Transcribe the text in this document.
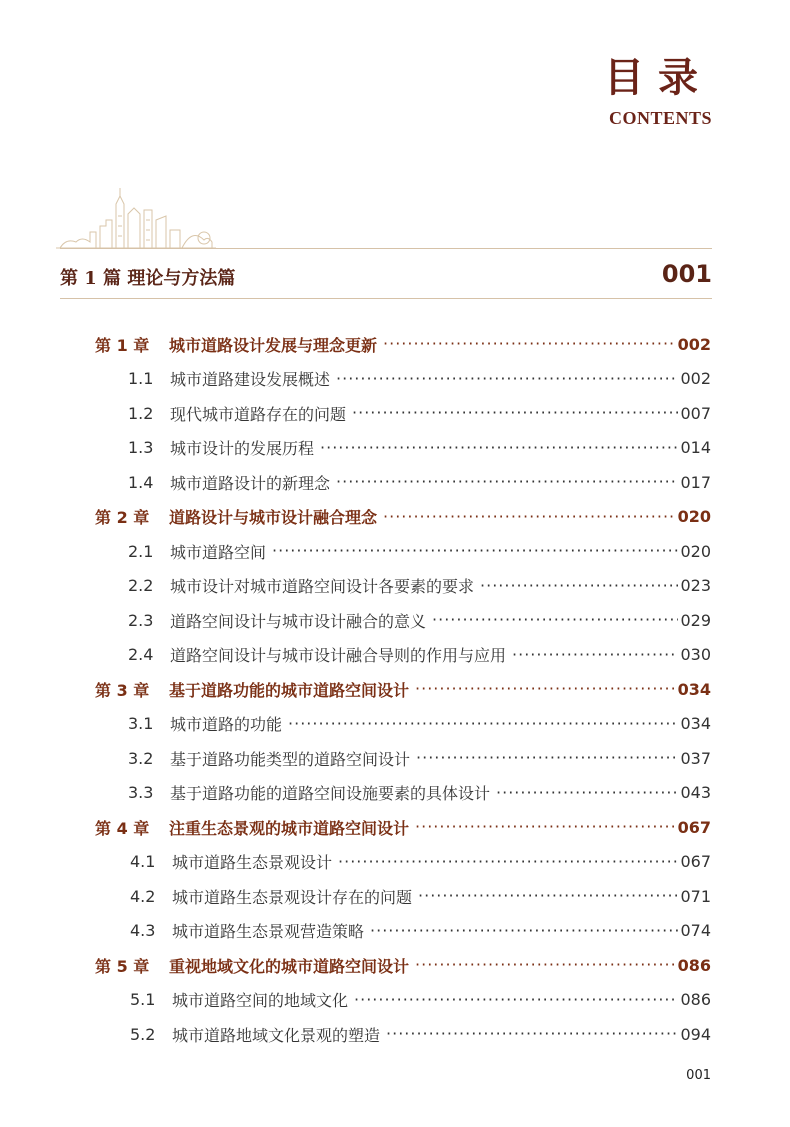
目录
CONTENTS
第 1 篇 理论与方法篇	001
第 1 章	城市道路设计发展与理念更新 ·····	002
1.1	城市道路建设发展概述 ·····	002
1.2	现代城市道路存在的问题 ·····	007
1.3	城市设计的发展历程 ·····	014
1.4	城市道路设计的新理念 ·····	017
第 2 章	道路设计与城市设计融合理念 ·····	020
2.1	城市道路空间 ·····	020
2.2	城市设计对城市道路空间设计各要素的要求 ·····	023
2.3	道路空间设计与城市设计融合的意义 ·····	029
2.4	道路空间设计与城市设计融合导则的作用与应用 ·····	030
第 3 章	基于道路功能的城市道路空间设计 ·····	034
3.1	城市道路的功能 ·····	034
3.2	基于道路功能类型的道路空间设计 ·····	037
3.3	基于道路功能的道路空间设施要素的具体设计 ·····	043
第 4 章	注重生态景观的城市道路空间设计 ·····	067
4.1	城市道路生态景观设计 ·····	067
4.2	城市道路生态景观设计存在的问题 ·····	071
4.3	城市道路生态景观营造策略 ·····	074
第 5 章	重视地域文化的城市道路空间设计 ·····	086
5.1	城市道路空间的地域文化 ·····	086
5.2	城市道路地域文化景观的塑造 ·····	094
001
